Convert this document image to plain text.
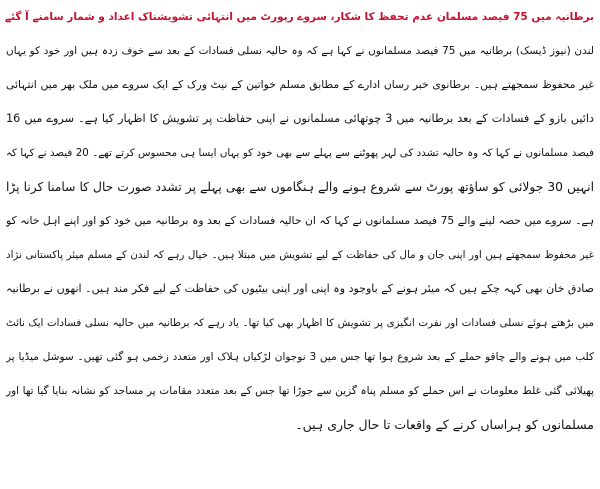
برطانیہ میں 75 فیصد مسلمان عدم تحفظ کا شکار، سروے رپورٹ میں انتہائی تشویشناک اعداد و شمار سامنے آ گئے
لندن (نیوز ڈیسک) برطانیہ میں 75 فیصد مسلمانوں نے کہا ہے کہ وہ حالیہ نسلی فسادات کے بعد سے خوف زدہ ہیں اور خود کو یہاں
غیر محفوظ سمجھتے ہیں۔ برطانوی خبر رساں ادارے کے مطابق مسلم خواتین کے نیٹ ورک کے ایک سروے میں ملک بھر میں انتہائی
دائیں بازو کے فسادات کے بعد برطانیہ میں 3 چوتھائی مسلمانوں نے اپنی حفاظت پر تشویش کا اظہار کیا ہے۔ سروے میں 16
فیصد مسلمانوں نے کہا کہ وہ حالیہ تشدد کی لہر پھوٹنے سے پہلے سے بھی خود کو یہاں ایسا ہی محسوس کرتے تھے۔ 20 فیصد نے کہا کہ
انہیں 30 جولائی کو ساؤتھ پورٹ سے شروع ہونے والے ہنگاموں سے بھی پہلے پر تشدد صورت حال کا سامنا کرنا پڑا
ہے۔ سروے میں حصہ لینے والے 75 فیصد مسلمانوں نے کہا کہ ان حالیہ فسادات کے بعد وہ برطانیہ میں خود کو اور اپنے اہل خانہ کو
غیر محفوظ سمجھتے ہیں اور اپنی جان و مال کی حفاظت کے لیے تشویش میں مبتلا ہیں۔ خیال رہے کہ لندن کے مسلم میئر پاکستانی نژاد
صادق خان بھی کہہ چکے ہیں کہ میئر ہونے کے باوجود وہ اپنی اور اپنی بیٹیوں کی حفاظت کے لیے فکر مند ہیں۔ انھوں نے برطانیہ
میں بڑھتے ہوئے نسلی فسادات اور نفرت انگیزی پر تشویش کا اظہار بھی کیا تھا۔ یاد رہے کہ برطانیہ میں حالیہ نسلی فسادات ایک نائٹ
کلب میں ہونے والے چاقو حملے کے بعد شروع ہوا تھا جس میں 3 نوجوان لڑکیاں ہلاک اور متعدد زخمی ہو گئی تھیں۔ سوشل میڈیا پر
پھیلائی گئی غلط معلومات نے اس حملے کو مسلم پناہ گزین سے جوڑا تھا جس کے بعد متعدد مقامات پر مساجد کو نشانہ بنایا گیا تھا اور
مسلمانوں کو ہراساں کرنے کے واقعات تا حال جاری ہیں۔
